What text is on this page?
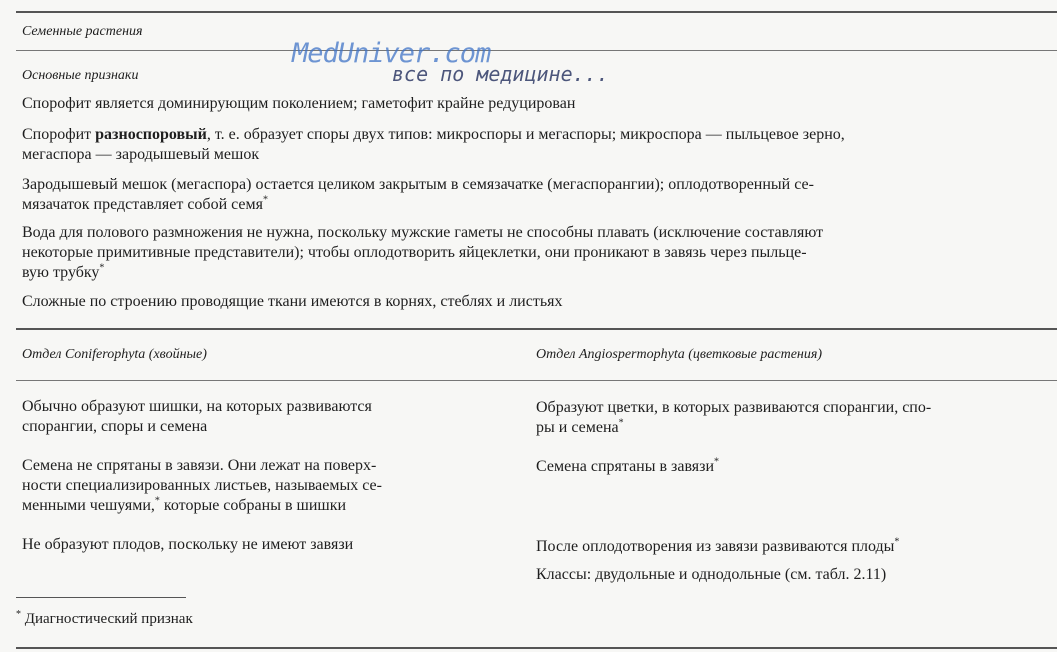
Семенные растения
MedUniver.com
все по медицине...
Основные признаки
Спорофит является доминирующим поколением; гаметофит крайне редуцирован
Спорофит разноспоровый, т. е. образует споры двух типов: микроспоры и мегаспоры; микроспора — пыльцевое зерно,
мегаспора — зародышевый мешок
Зародышевый мешок (мегаспора) остается целиком закрытым в семязачатке (мегаспорангии); оплодотворенный се-
мязачаток представляет собой семя*
Вода для полового размножения не нужна, поскольку мужские гаметы не способны плавать (исключение составляют
некоторые примитивные представители); чтобы оплодотворить яйцеклетки, они проникают в завязь через пыльце-
вую трубку*
Сложные по строению проводящие ткани имеются в корнях, стеблях и листьях
Отдел Coniferophyta (хвойные)	Отдел Angiospermophyta (цветковые растения)
Обычно образуют шишки, на которых развиваются
спорангии, споры и семена
Семена не спрятаны в завязи. Они лежат на поверх-
ности специализированных листьев, называемых се-
менными чешуями,* которые собраны в шишки
Не образуют плодов, поскольку не имеют завязи
Образуют цветки, в которых развиваются спорангии, спо-
ры и семена*
Семена спрятаны в завязи*
После оплодотворения из завязи развиваются плоды*
Классы: двудольные и однодольные (см. табл. 2.11)
* Диагностический признак
